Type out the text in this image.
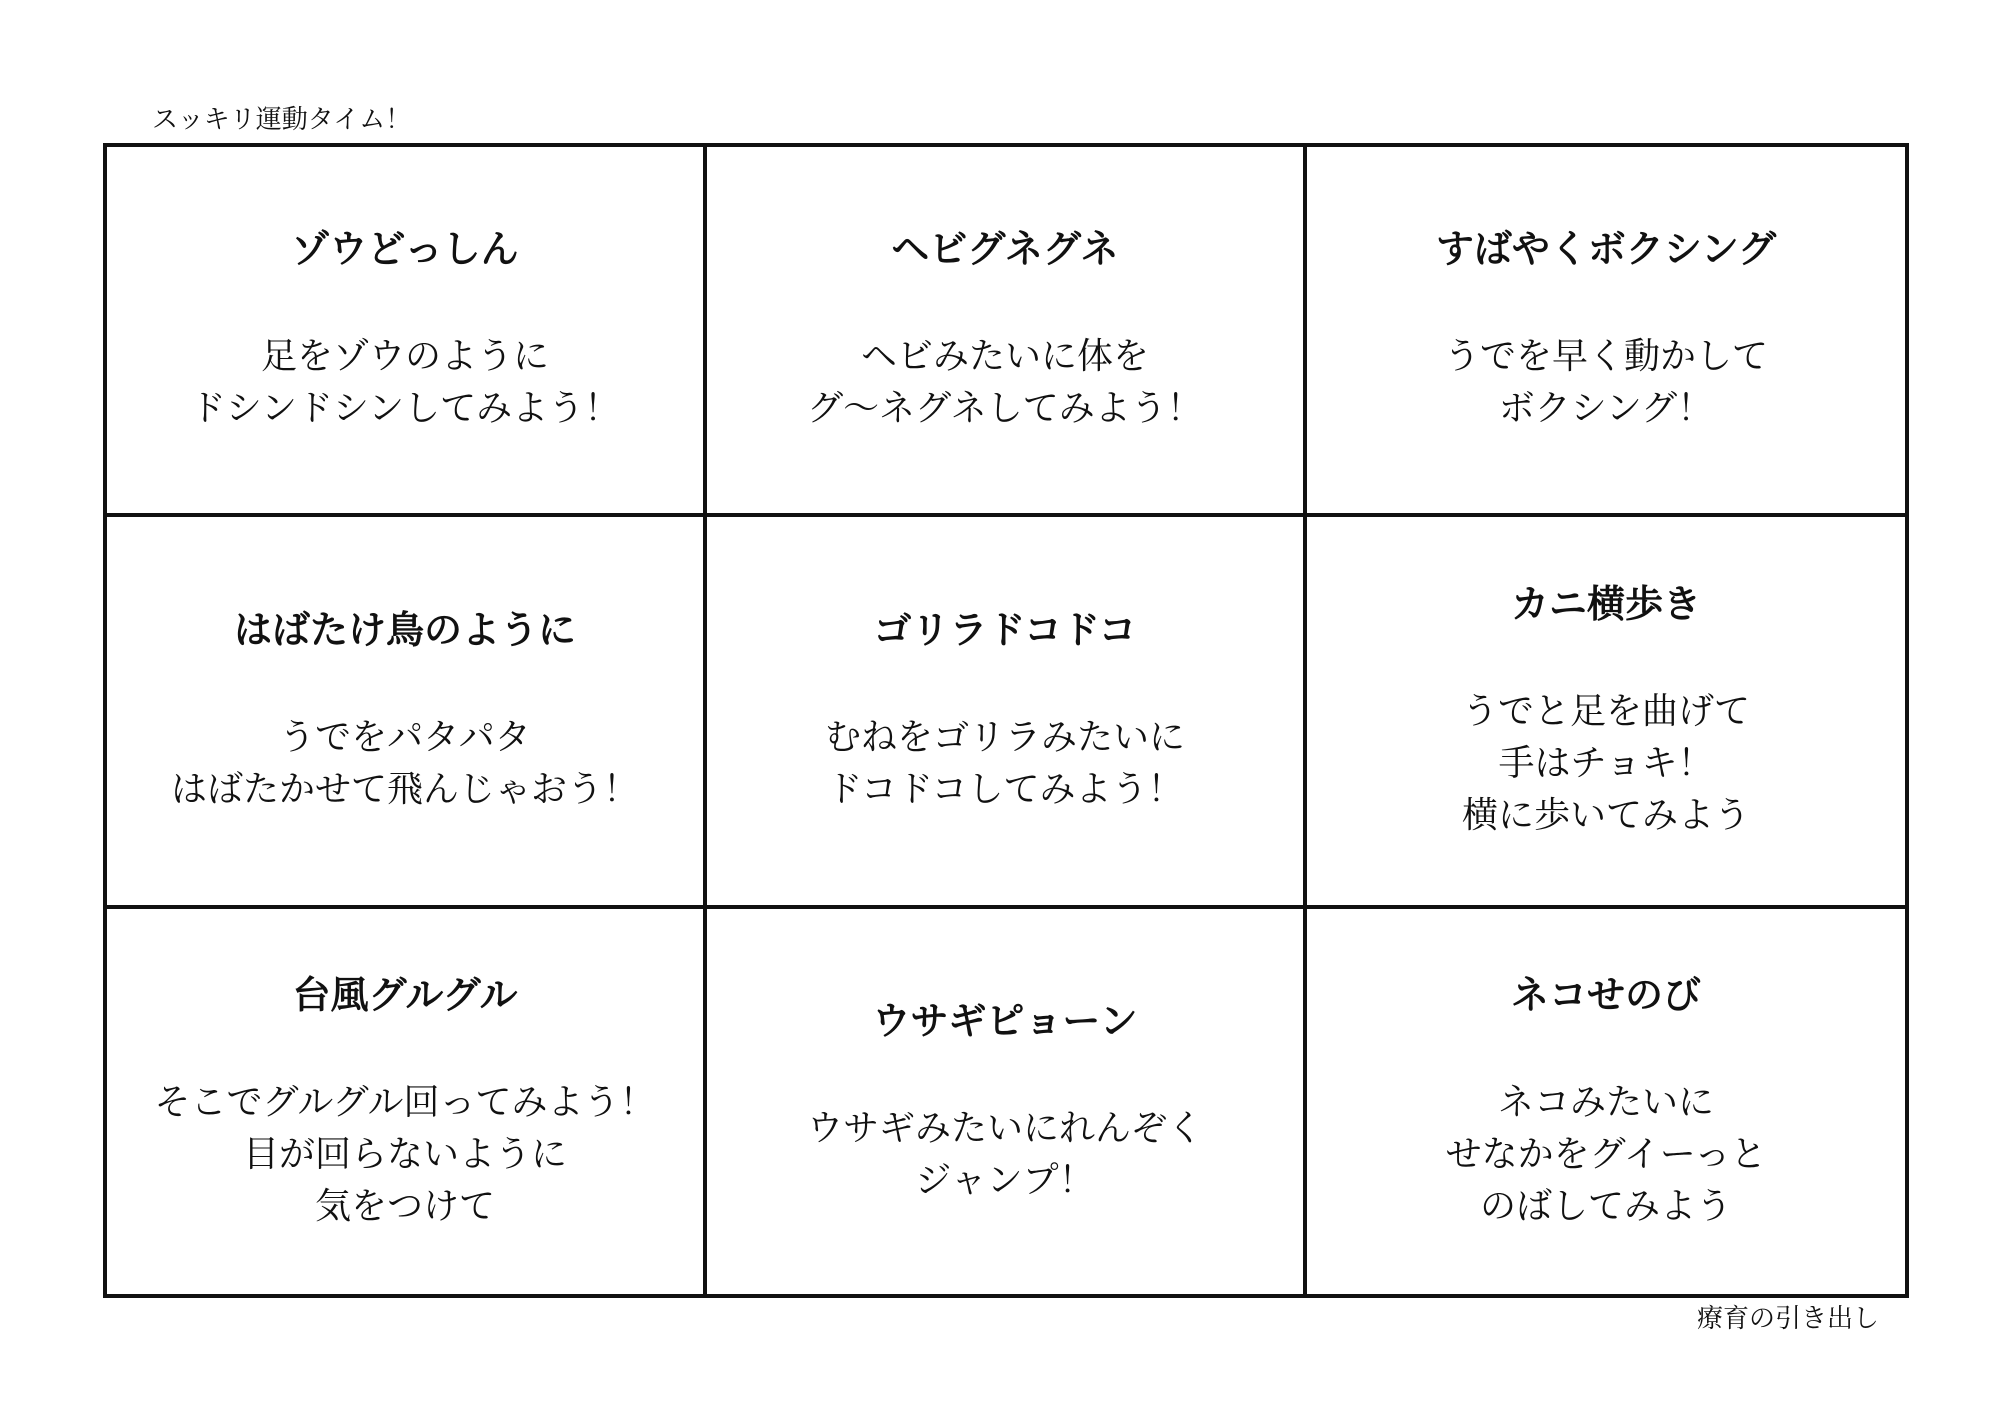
スッキリ運動タイム！
ゾウどっしん
足をゾウのように
ドシンドシンしてみよう！
ヘビグネグネ
ヘビみたいに体を
グ～ネグネしてみよう！
すばやくボクシング
うでを早く動かして
ボクシング！
はばたけ鳥のように
うでをパタパタ
はばたかせて飛んじゃおう！
ゴリラドコドコ
むねをゴリラみたいに
ドコドコしてみよう！
カニ横歩き
うでと足を曲げて
手はチョキ！
横に歩いてみよう
台風グルグル
そこでグルグル回ってみよう！
目が回らないように
気をつけて
ウサギピョーン
ウサギみたいにれんぞく
ジャンプ！
ネコせのび
ネコみたいに
せなかをグイーっと
のばしてみよう
療育の引き出し
